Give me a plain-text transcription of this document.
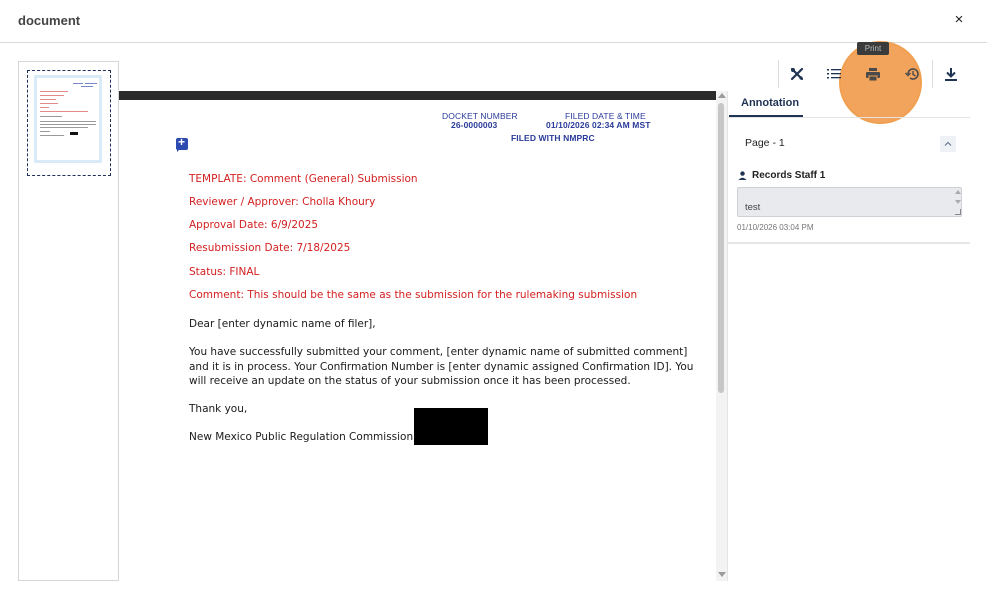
document	×
DOCKET NUMBER
26-0000003
FILED DATE & TIME
01/10/2026 02:34 AM MST
FILED WITH NMPRC
+
TEMPLATE: Comment (General) Submission
Reviewer / Approver: Cholla Khoury
Approval Date: 6/9/2025
Resubmission Date: 7/18/2025
Status: FINAL
Comment: This should be the same as the submission for the rulemaking submission
Dear [enter dynamic name of filer],
You have successfully submitted your comment, [enter dynamic name of submitted comment]
and it is in process. Your Confirmation Number is [enter dynamic assigned Confirmation ID]. You
will receive an update on the status of your submission once it has been processed.
Thank you,
New Mexico Public Regulation Commission
Print
Annotation
Page - 1
Records Staff 1
test
01/10/2026 03:04 PM
